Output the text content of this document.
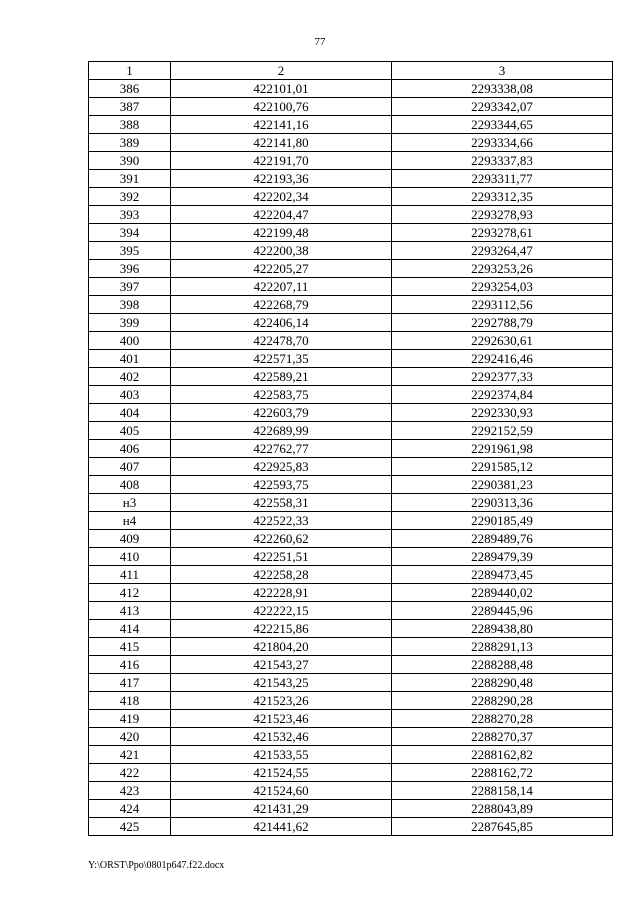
77
1	2	3
386	422101,01	2293338,08
387	422100,76	2293342,07
388	422141,16	2293344,65
389	422141,80	2293334,66
390	422191,70	2293337,83
391	422193,36	2293311,77
392	422202,34	2293312,35
393	422204,47	2293278,93
394	422199,48	2293278,61
395	422200,38	2293264,47
396	422205,27	2293253,26
397	422207,11	2293254,03
398	422268,79	2293112,56
399	422406,14	2292788,79
400	422478,70	2292630,61
401	422571,35	2292416,46
402	422589,21	2292377,33
403	422583,75	2292374,84
404	422603,79	2292330,93
405	422689,99	2292152,59
406	422762,77	2291961,98
407	422925,83	2291585,12
408	422593,75	2290381,23
н3	422558,31	2290313,36
н4	422522,33	2290185,49
409	422260,62	2289489,76
410	422251,51	2289479,39
411	422258,28	2289473,45
412	422228,91	2289440,02
413	422222,15	2289445,96
414	422215,86	2289438,80
415	421804,20	2288291,13
416	421543,27	2288288,48
417	421543,25	2288290,48
418	421523,26	2288290,28
419	421523,46	2288270,28
420	421532,46	2288270,37
421	421533,55	2288162,82
422	421524,55	2288162,72
423	421524,60	2288158,14
424	421431,29	2288043,89
425	421441,62	2287645,85
Y:\ORST\Ppo\0801p647.f22.docx
